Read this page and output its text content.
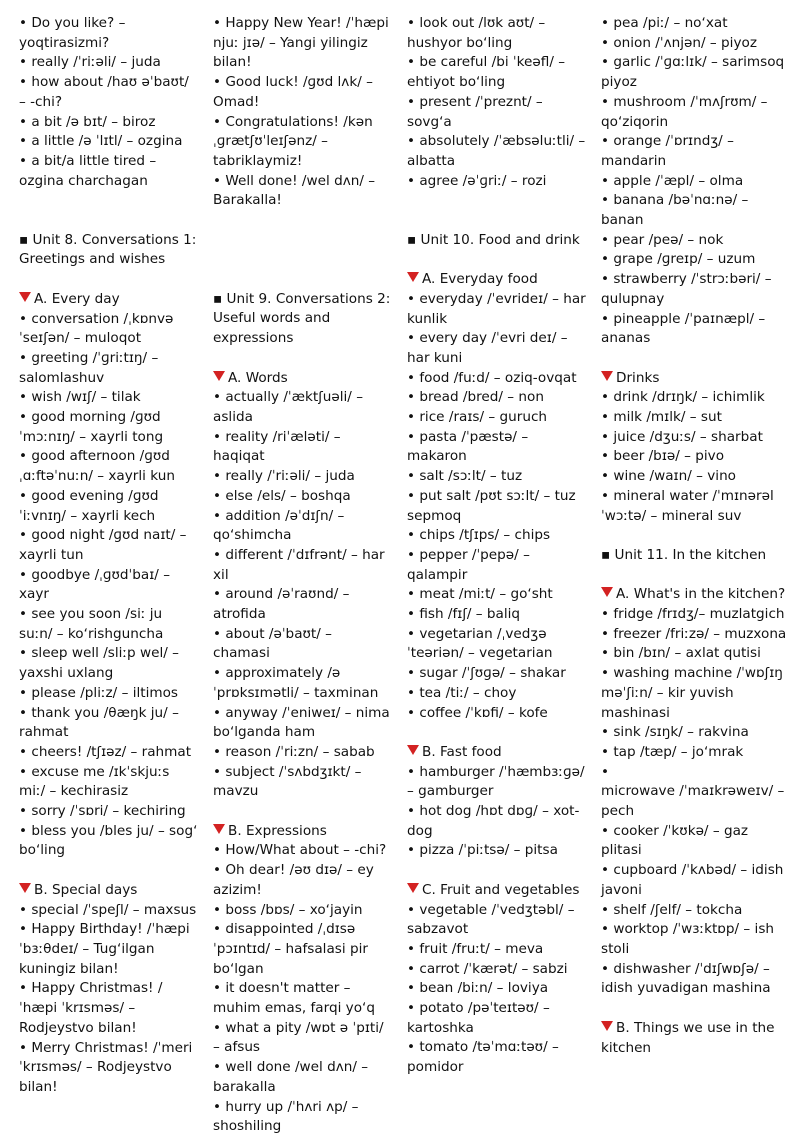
• Do you like? – yoqtirasizmi?
• really /ˈriːəli/ – juda
• how about /haʊ əˈbaʊt/ – -chi?
• a bit /ə bɪt/ – biroz
• a little /ə ˈlɪtl/ – ozgina
• a bit/a little tired – ozgina charchagan
▪ Unit 8. Conversations 1: Greetings and wishes
A. Every day
• conversation /ˌkɒnvəˈseɪʃən/ – muloqot
• greeting /ˈɡriːtɪŋ/ – salomlashuv
• wish /wɪʃ/ – tilak
• good morning /ɡʊd ˈmɔːnɪŋ/ – xayrli tong
• good afternoon /ɡʊd ˌɑːftəˈnuːn/ – xayrli kun
• good evening /ɡʊd ˈiːvnɪŋ/ – xayrli kech
• good night /ɡʊd naɪt/ – xayrli tun
• goodbye /ˌɡʊdˈbaɪ/ – xayr
• see you soon /siː ju suːn/ – koʻrishguncha
• sleep well /sliːp wel/ – yaxshi uxlang
• please /pliːz/ – iltimos
• thank you /θæŋk ju/ – rahmat
• cheers! /tʃɪəz/ – rahmat
• excuse me /ɪkˈskjuːs miː/ – kechirasiz
• sorry /ˈsɒri/ – kechiring
• bless you /bles ju/ – sogʻ boʻling
B. Special days
• special /ˈspeʃl/ – maxsus
• Happy Birthday! /ˈhæpi ˈbɜːθdeɪ/ – Tugʻilgan kuningiz bilan!
• Happy Christmas! /ˈhæpi ˈkrɪsməs/ – Rodjeystvo bilan!
• Merry Christmas! /ˈmeri ˈkrɪsməs/ – Rodjeystvo bilan!
• Happy New Year! /ˈhæpi njuː jɪə/ – Yangi yilingiz bilan!
• Good luck! /ɡʊd lʌk/ – Omad!
• Congratulations! /kən ˌɡrætʃʊˈleɪʃənz/ – tabriklaymiz!
• Well done! /wel dʌn/ – Barakalla!
▪ Unit 9. Conversations 2: Useful words and expressions
A. Words
• actually /ˈæktʃuəli/ – aslida
• reality /riˈæləti/ – haqiqat
• really /ˈriːəli/ – juda
• else /els/ – boshqa
• addition /əˈdɪʃn/ – qoʻshimcha
• different /ˈdɪfrənt/ – har xil
• around /əˈraʊnd/ – atrofida
• about /əˈbaʊt/ – chamasi
• approximately /əˈprɒksɪmətli/ – taxminan
• anyway /ˈeniweɪ/ – nima boʻlganda ham
• reason /ˈriːzn/ – sabab
• subject /ˈsʌbdʒɪkt/ – mavzu
B. Expressions
• How/What about – -chi?
• Oh dear! /əʊ dɪə/ – ey azizim!
• boss /bɒs/ – xoʻjayin
• disappointed /ˌdɪsəˈpɔɪntɪd/ – hafsalasi pir boʻlgan
• it doesn't matter – muhim emas, farqi yoʻq
• what a pity /wɒt ə ˈpɪti/ – afsus
• well done /wel dʌn/ – barakalla
• hurry up /ˈhʌri ʌp/ – shoshiling
• look out /lʊk aʊt/ – hushyor boʻling
• be careful /bi ˈkeəfl/ – ehtiyot boʻling
• present /ˈpreznt/ – sovgʻa
• absolutely /ˈæbsəluːtli/ – albatta
• agree /əˈɡriː/ – rozi
▪ Unit 10. Food and drink
A. Everyday food
• everyday /ˈevrideɪ/ – har kunlik
• every day /ˈevri deɪ/ – har kuni
• food /fuːd/ – oziq-ovqat
• bread /bred/ – non
• rice /raɪs/ – guruch
• pasta /ˈpæstə/ – makaron
• salt /sɔːlt/ – tuz
• put salt /pʊt sɔːlt/ – tuz sepmoq
• chips /tʃɪps/ – chips
• pepper /ˈpepə/ – qalampir
• meat /miːt/ – goʻsht
• fish /fɪʃ/ – baliq
• vegetarian /ˌvedʒəˈteəriən/ – vegetarian
• sugar /ˈʃʊɡə/ – shakar
• tea /tiː/ – choy
• coffee /ˈkɒfi/ – kofe
B. Fast food
• hamburger /ˈhæmbɜːɡə/ – gamburger
• hot dog /hɒt dɒɡ/ – xot-dog
• pizza /ˈpiːtsə/ – pitsa
C. Fruit and vegetables
• vegetable /ˈvedʒtəbl/ – sabzavot
• fruit /fruːt/ – meva
• carrot /ˈkærət/ – sabzi
• bean /biːn/ – loviya
• potato /pəˈteɪtəʊ/ – kartoshka
• tomato /təˈmɑːtəʊ/ – pomidor
• pea /piː/ – noʻxat
• onion /ˈʌnjən/ – piyoz
• garlic /ˈɡɑːlɪk/ – sarimsoq piyoz
• mushroom /ˈmʌʃrʊm/ – qoʻziqorin
• orange /ˈɒrɪndʒ/ – mandarin
• apple /ˈæpl/ – olma
• banana /bəˈnɑːnə/ – banan
• pear /peə/ – nok
• grape /ɡreɪp/ – uzum
• strawberry /ˈstrɔːbəri/ – qulupnay
• pineapple /ˈpaɪnæpl/ – ananas
Drinks
• drink /drɪŋk/ – ichimlik
• milk /mɪlk/ – sut
• juice /dʒuːs/ – sharbat
• beer /bɪə/ – pivo
• wine /waɪn/ – vino
• mineral water /ˈmɪnərəl ˈwɔːtə/ – mineral suv
▪ Unit 11. In the kitchen
A. What's in the kitchen?
• fridge /frɪdʒ/– muzlatgich
• freezer /friːzə/ – muzxona
• bin /bɪn/ – axlat qutisi
• washing machine /ˈwɒʃɪŋ məˈʃiːn/ – kir yuvish mashinasi
• sink /sɪŋk/ – rakvina
• tap /tæp/ – joʻmrak
•
microwave /ˈmaɪkrəweɪv/ – pech
• cooker /ˈkʊkə/ – gaz plitasi
• cupboard /ˈkʌbəd/ – idish javoni
• shelf /ʃelf/ – tokcha
• worktop /ˈwɜːktɒp/ – ish stoli
• dishwasher /ˈdɪʃwɒʃə/ – idish yuvadigan mashina
B. Things we use in the kitchen
